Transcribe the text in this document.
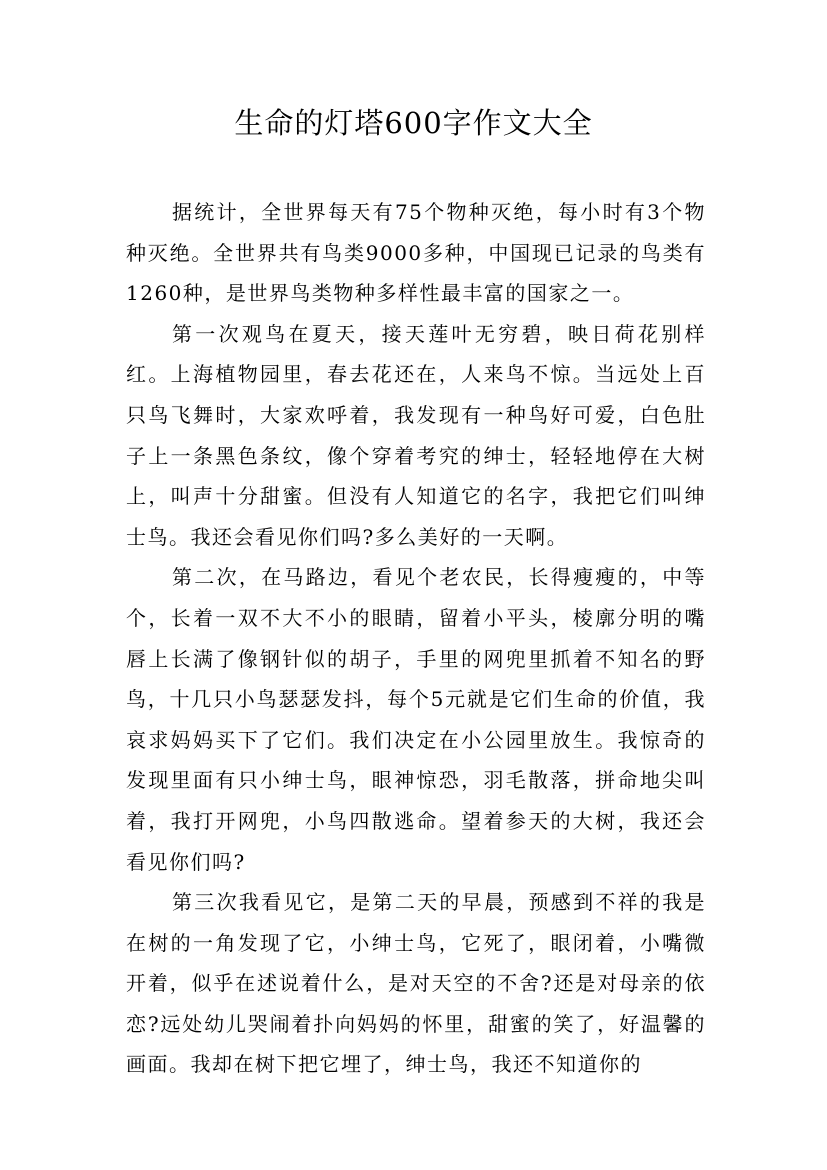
生命的灯塔600字作文大全

据统计，全世界每天有75个物种灭绝，每小时有3个物种灭绝。全世界共有鸟类9000多种，中国现已记录的鸟类有1260种，是世界鸟类物种多样性最丰富的国家之一。

第一次观鸟在夏天，接天莲叶无穷碧，映日荷花别样红。上海植物园里，春去花还在，人来鸟不惊。当远处上百只鸟飞舞时，大家欢呼着，我发现有一种鸟好可爱，白色肚子上一条黑色条纹，像个穿着考究的绅士，轻轻地停在大树上，叫声十分甜蜜。但没有人知道它的名字，我把它们叫绅士鸟。我还会看见你们吗?多么美好的一天啊。

第二次，在马路边，看见个老农民，长得瘦瘦的，中等个，长着一双不大不小的眼睛，留着小平头，棱廓分明的嘴唇上长满了像钢针似的胡子，手里的网兜里抓着不知名的野鸟，十几只小鸟瑟瑟发抖，每个5元就是它们生命的价值，我哀求妈妈买下了它们。我们决定在小公园里放生。我惊奇的发现里面有只小绅士鸟，眼神惊恐，羽毛散落，拼命地尖叫着，我打开网兜，小鸟四散逃命。望着参天的大树，我还会看见你们吗?

第三次我看见它，是第二天的早晨，预感到不祥的我是在树的一角发现了它，小绅士鸟，它死了，眼闭着，小嘴微开着，似乎在述说着什么，是对天空的不舍?还是对母亲的依恋?远处幼儿哭闹着扑向妈妈的怀里，甜蜜的笑了，好温馨的画面。我却在树下把它埋了，绅士鸟，我还不知道你的
